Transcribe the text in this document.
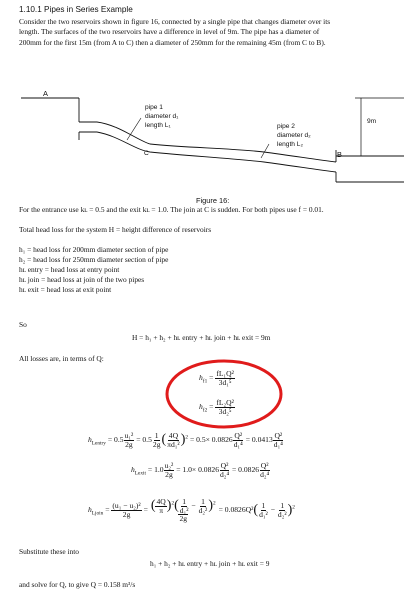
1.10.1 Pipes in Series Example
Consider the two reservoirs shown in figure 16, connected by a single pipe that changes diameter over its
length. The surfaces of the two reservoirs have a difference in level of 9m. The pipe has a diameter of
200mm for the first 15m (from A to C) then a diameter of 250mm for the remaining 45m (from C to B).
A
B
C
pipe 1
diameter d₁
length L₁	pipe 2
diameter d₂
length L₂
9m
Figure 16:
For the entrance use kʟ = 0.5 and the exit kʟ = 1.0. The join at C is sudden. For both pipes use f = 0.01.
Total head loss for the system H = height difference of reservoirs
h₁ = head loss for 200mm diameter section of pipe
h₂ = head loss for 250mm diameter section of pipe
hʟ entry = head loss at entry point
hʟ join = head loss at join of the two pipes
hʟ exit = head loss at exit point
So
H = h₁ + h₂ + hʟ entry + hʟ join + hʟ exit = 9m
All losses are, in terms of Q:
$h_{f1} = \frac{\text{fL₁Q²}}{\text{3d₁⁵}}$
$h_{f2} = \frac{\text{fL₂Q²}}{\text{3d₂⁵}}$
$h_{Lentry} = 0.5 \frac{\text{u₁²}}{2g} = 0.5 \frac{1}{2g}$ ( $\frac{4Q}{\text{πd₁²}} )^2 = 0.5\times 0.0826 \frac{\text{Q²}}{\text{d₁⁴}} = 0.0413 \frac{\text{Q²}}{\text{d₁⁴}}$
$h_{Lexit} = 1.0 \frac{\text{u₂²}}{2g} = 1.0\times 0.0826 \frac{\text{Q²}}{\text{d₂⁴}} = 0.0826 \frac{\text{Q²}}{\text{d₂⁴}}$
$h_{Ljoin} = \frac{\text{(u₁ − u₂)²}}{2g} = \frac{( \frac{4Q}{\pi} )^2( \frac{1}{\text{d₁²}} - \frac{1}{\text{d₂²}} )^2}{2g} = 0.0826Q^2( \frac{1}{\text{d₁²}} - \frac{1}{\text{d₂²}} )^2$
Substitute these into
h₁ + h₂ + hʟ entry + hʟ join + hʟ exit = 9
and solve for Q, to give Q = 0.158 m³/s
